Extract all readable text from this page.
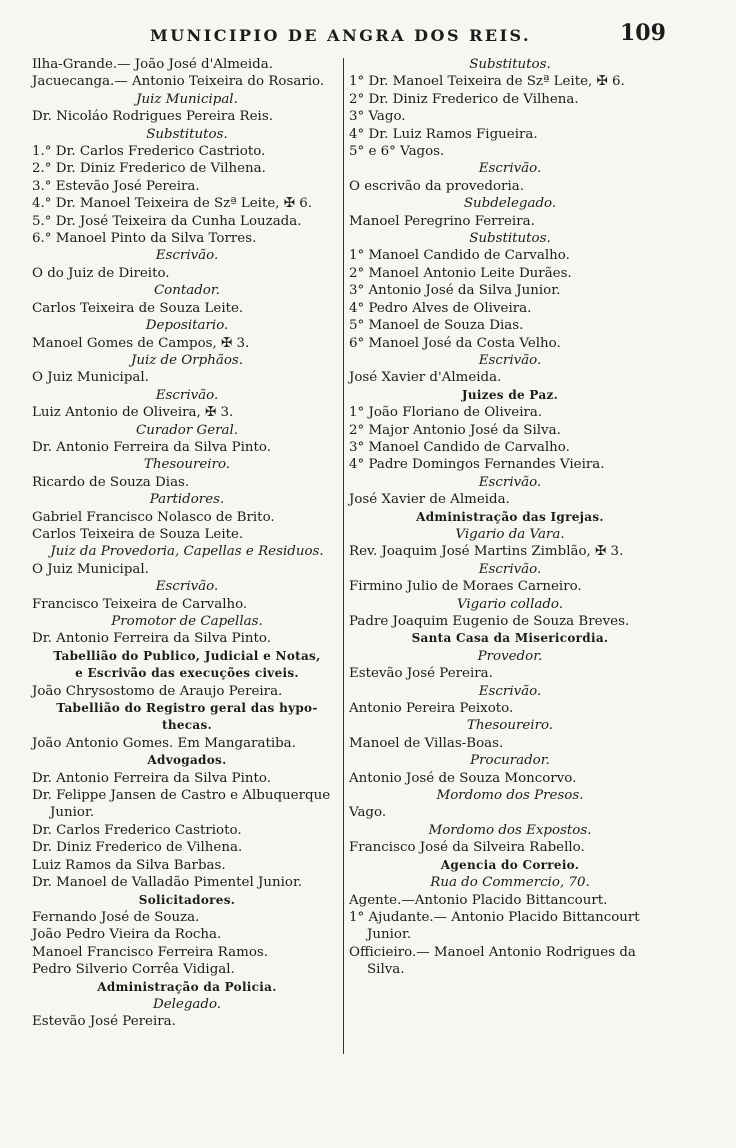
MUNICIPIO DE ANGRA DOS REIS.	109
Ilha-Grande.— João José d'Almeida.
Jacuecanga.— Antonio Teixeira do Rosario.
Juiz Municipal.
Dr. Nicoláo Rodrigues Pereira Reis.
Substitutos.
1.° Dr. Carlos Frederico Castrioto.
2.° Dr. Diniz Frederico de Vilhena.
3.° Estevão José Pereira.
4.° Dr. Manoel Teixeira de Szª Leite, ✠ 6.
5.° Dr. José Teixeira da Cunha Louzada.
6.° Manoel Pinto da Silva Torres.
Escrivão.
O do Juiz de Direito.
Contador.
Carlos Teixeira de Souza Leite.
Depositario.
Manoel Gomes de Campos, ✠ 3.
Juiz de Orphãos.
O Juiz Municipal.
Escrivão.
Luiz Antonio de Oliveira, ✠ 3.
Curador Geral.
Dr. Antonio Ferreira da Silva Pinto.
Thesoureiro.
Ricardo de Souza Dias.
Partidores.
Gabriel Francisco Nolasco de Brito.
Carlos Teixeira de Souza Leite.
Juiz da Provedoria, Capellas e Residuos.
O Juiz Municipal.
Escrivão.
Francisco Teixeira de Carvalho.
Promotor de Capellas.
Dr. Antonio Ferreira da Silva Pinto.
Tabellião do Publico, Judicial e Notas,
e Escrivão das execuções civeis.
João Chrysostomo de Araujo Pereira.
Tabellião do Registro geral das hypo-
thecas.
João Antonio Gomes. Em Mangaratiba.
Advogados.
Dr. Antonio Ferreira da Silva Pinto.
Dr. Felippe Jansen de Castro e Albuquerque
Junior.
Dr. Carlos Frederico Castrioto.
Dr. Diniz Frederico de Vilhena.
Luiz Ramos da Silva Barbas.
Dr. Manoel de Valladão Pimentel Junior.
Solicitadores.
Fernando José de Souza.
João Pedro Vieira da Rocha.
Manoel Francisco Ferreira Ramos.
Pedro Silverio Corrêa Vidigal.
Administração da Policia.
Delegado.
Estevão José Pereira.
Substitutos.
1° Dr. Manoel Teixeira de Szª Leite, ✠ 6.
2° Dr. Diniz Frederico de Vilhena.
3° Vago.
4° Dr. Luiz Ramos Figueira.
5° e 6° Vagos.
Escrivão.
O escrivão da provedoria.
Subdelegado.
Manoel Peregrino Ferreira.
Substitutos.
1° Manoel Candido de Carvalho.
2° Manoel Antonio Leite Durães.
3° Antonio José da Silva Junior.
4° Pedro Alves de Oliveira.
5° Manoel de Souza Dias.
6° Manoel José da Costa Velho.
Escrivão.
José Xavier d'Almeida.
Juizes de Paz.
1° João Floriano de Oliveira.
2° Major Antonio José da Silva.
3° Manoel Candido de Carvalho.
4° Padre Domingos Fernandes Vieira.
Escrivão.
José Xavier de Almeida.
Administração das Igrejas.
Vigario da Vara.
Rev. Joaquim José Martins Zimblão, ✠ 3.
Escrivão.
Firmino Julio de Moraes Carneiro.
Vigario collado.
Padre Joaquim Eugenio de Souza Breves.
Santa Casa da Misericordia.
Provedor.
Estevão José Pereira.
Escrivão.
Antonio Pereira Peixoto.
Thesoureiro.
Manoel de Villas-Boas.
Procurador.
Antonio José de Souza Moncorvo.
Mordomo dos Presos.
Vago.
Mordomo dos Expostos.
Francisco José da Silveira Rabello.
Agencia do Correio.
Rua do Commercio, 70.
Agente.—Antonio Placido Bittancourt.
1° Ajudante.— Antonio Placido Bittancourt
Junior.
Officieiro.— Manoel Antonio Rodrigues da
Silva.
